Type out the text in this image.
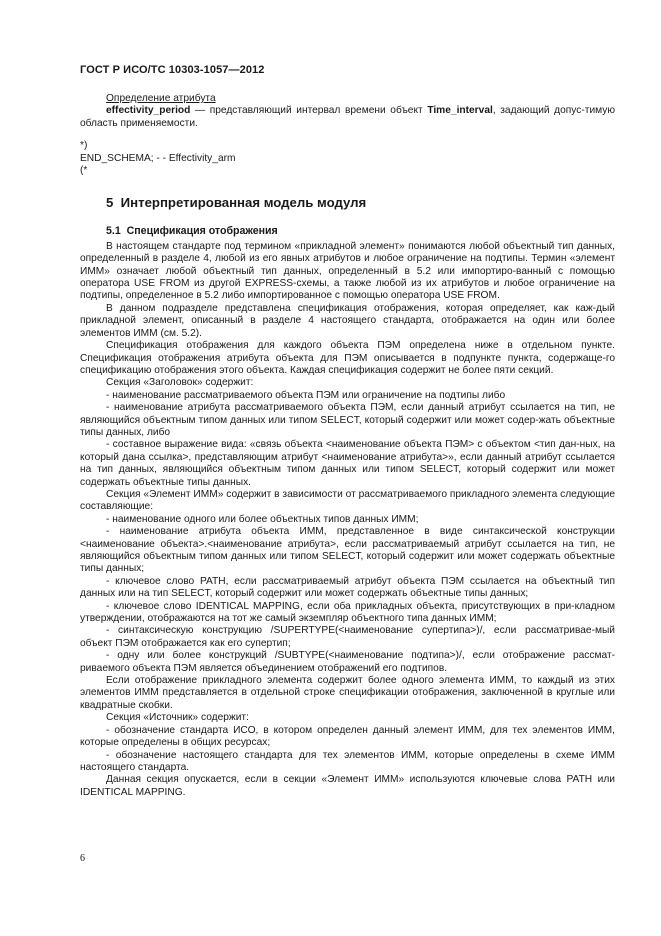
ГОСТ Р ИСО/ТС 10303-1057—2012

Определение атрибута

effectivity_period — представляющий интервал времени объект Time_interval, задающий допус-тимую область применяемости.

*)

END_SCHEMA; - - Effectivity_arm

(*

5 Интерпретированная модель модуля
5.1 Спецификация отображения

В настоящем стандарте под термином «прикладной элемент» понимаются любой объектный тип данных, определенный в разделе 4, любой из его явных атрибутов и любое ограничение на подтипы. Термин «элемент ИММ» означает любой объектный тип данных, определенный в 5.2 или импортиро-ванный с помощью оператора USE FROM из другой EXPRESS-схемы, а также любой из их атрибутов и любое ограничение на подтипы, определенное в 5.2 либо импортированное с помощью оператора USE FROM.

В данном подразделе представлена спецификация отображения, которая определяет, как каж-дый прикладной элемент, описанный в разделе 4 настоящего стандарта, отображается на один или более элементов ИММ (см. 5.2).

Спецификация отображения для каждого объекта ПЭМ определена ниже в отдельном пункте. Спецификация отображения атрибута объекта для ПЭМ описывается в подпункте пункта, содержаще-го спецификацию отображения этого объекта. Каждая спецификация содержит не более пяти секций.

Секция «Заголовок» содержит:

- наименование рассматриваемого объекта ПЭМ или ограничение на подтипы либо

- наименование атрибута рассматриваемого объекта ПЭМ, если данный атрибут ссылается на тип, не являющийся объектным типом данных или типом SELECT, который содержит или может содер-жать объектные типы данных, либо

- составное выражение вида: «связь объекта <наименование объекта ПЭМ> с объектом <тип дан-ных, на который дана ссылка>, представляющим атрибут <наименование атрибута>», если данный атрибут ссылается на тип данных, являющийся объектным типом данных или типом SELECT, который содержит или может содержать объектные типы данных.

Секция «Элемент ИММ» содержит в зависимости от рассматриваемого прикладного элемента следующие составляющие:

- наименование одного или более объектных типов данных ИММ;

- наименование атрибута объекта ИММ, представленное в виде синтаксической конструкции <наименование объекта>.<наименование атрибута>, если рассматриваемый атрибут ссылается на тип, не являющийся объектным типом данных или типом SELECT, который содержит или может содержать объектные типы данных;

- ключевое слово PATH, если рассматриваемый атрибут объекта ПЭМ ссылается на объектный тип данных или на тип SELECT, который содержит или может содержать объектные типы данных;

- ключевое слово IDENTICAL MAPPING, если оба прикладных объекта, присутствующих в при-кладном утверждении, отображаются на тот же самый экземпляр объектного типа данных ИММ;

- синтаксическую конструкцию /SUPERTYPE(<наименование супертипа>)/, если рассматривае-мый объект ПЭМ отображается как его супертип;

- одну или более конструкций /SUBTYPE(<наименование подтипа>)/, если отображение рассмат-риваемого объекта ПЭМ является объединением отображений его подтипов.

Если отображение прикладного элемента содержит более одного элемента ИММ, то каждый из этих элементов ИММ представляется в отдельной строке спецификации отображения, заключенной в круглые или квадратные скобки.

Секция «Источник» содержит:

- обозначение стандарта ИСО, в котором определен данный элемент ИММ, для тех элементов ИММ, которые определены в общих ресурсах;

- обозначение настоящего стандарта для тех элементов ИММ, которые определены в схеме ИММ настоящего стандарта.

Данная секция опускается, если в секции «Элемент ИММ» используются ключевые слова PATH или IDENTICAL MAPPING.

6
